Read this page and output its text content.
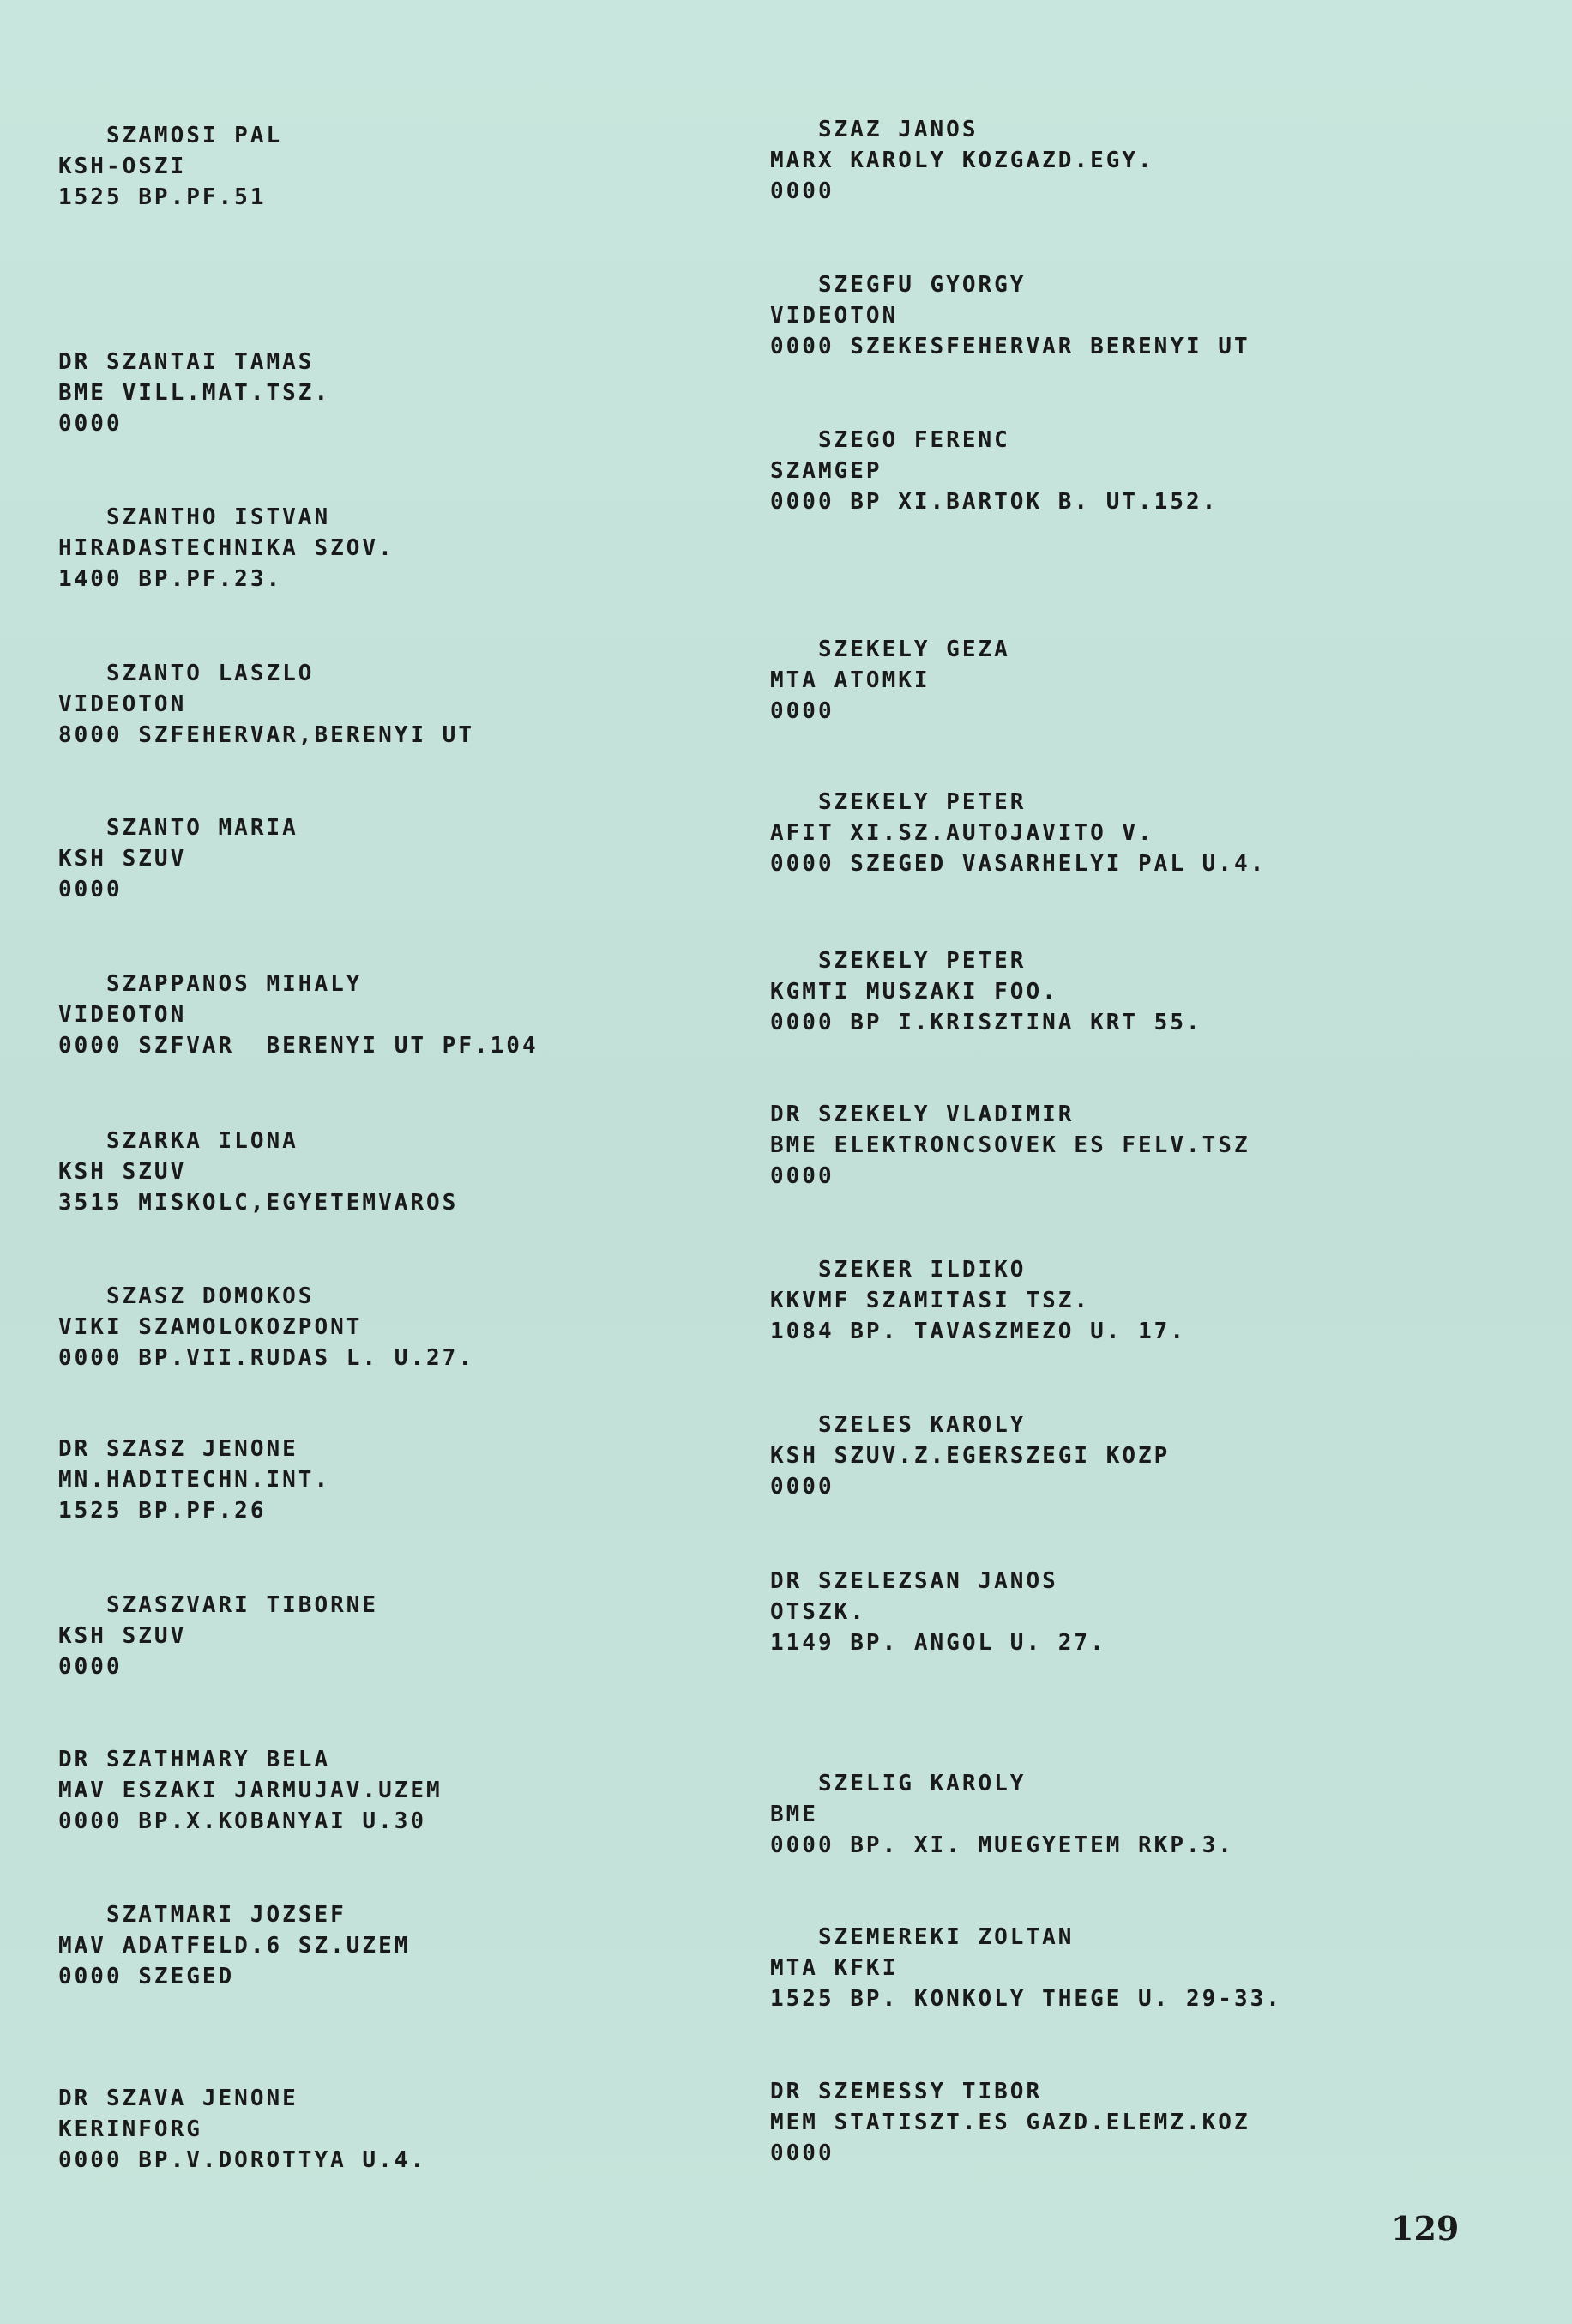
SZAMOSI PAL
KSH-OSZI
1525 BP.PF.51
DR SZANTAI TAMAS
BME VILL.MAT.TSZ.
0000
SZANTHO ISTVAN
HIRADASTECHNIKA SZOV.
1400 BP.PF.23.
SZANTO LASZLO
VIDEOTON
8000 SZFEHERVAR,BERENYI UT
SZANTO MARIA
KSH SZUV
0000
SZAPPANOS MIHALY
VIDEOTON
0000 SZFVAR  BERENYI UT PF.104
SZARKA ILONA
KSH SZUV
3515 MISKOLC,EGYETEMVAROS
SZASZ DOMOKOS
VIKI SZAMOLOKOZPONT
0000 BP.VII.RUDAS L. U.27.
DR SZASZ JENONE
MN.HADITECHN.INT.
1525 BP.PF.26
SZASZVARI TIBORNE
KSH SZUV
0000
DR SZATHMARY BELA
MAV ESZAKI JARMUJAV.UZEM
0000 BP.X.KOBANYAI U.30
SZATMARI JOZSEF
MAV ADATFELD.6 SZ.UZEM
0000 SZEGED
DR SZAVA JENONE
KERINFORG
0000 BP.V.DOROTTYA U.4.
SZAZ JANOS
MARX KAROLY KOZGAZD.EGY.
0000
SZEGFU GYORGY
VIDEOTON
0000 SZEKESFEHERVAR BERENYI UT
SZEGO FERENC
SZAMGEP
0000 BP XI.BARTOK B. UT.152.
SZEKELY GEZA
MTA ATOMKI
0000
SZEKELY PETER
AFIT XI.SZ.AUTOJAVITO V.
0000 SZEGED VASARHELYI PAL U.4.
SZEKELY PETER
KGMTI MUSZAKI FOO.
0000 BP I.KRISZTINA KRT 55.
DR SZEKELY VLADIMIR
BME ELEKTRONCSOVEK ES FELV.TSZ
0000
SZEKER ILDIKO
KKVMF SZAMITASI TSZ.
1084 BP. TAVASZMEZO U. 17.
SZELES KAROLY
KSH SZUV.Z.EGERSZEGI KOZP
0000
DR SZELEZSAN JANOS
OTSZK.
1149 BP. ANGOL U. 27.
SZELIG KAROLY
BME
0000 BP. XI. MUEGYETEM RKP.3.
SZEMEREKI ZOLTAN
MTA KFKI
1525 BP. KONKOLY THEGE U. 29-33.
DR SZEMESSY TIBOR
MEM STATISZT.ES GAZD.ELEMZ.KOZ
0000
129
